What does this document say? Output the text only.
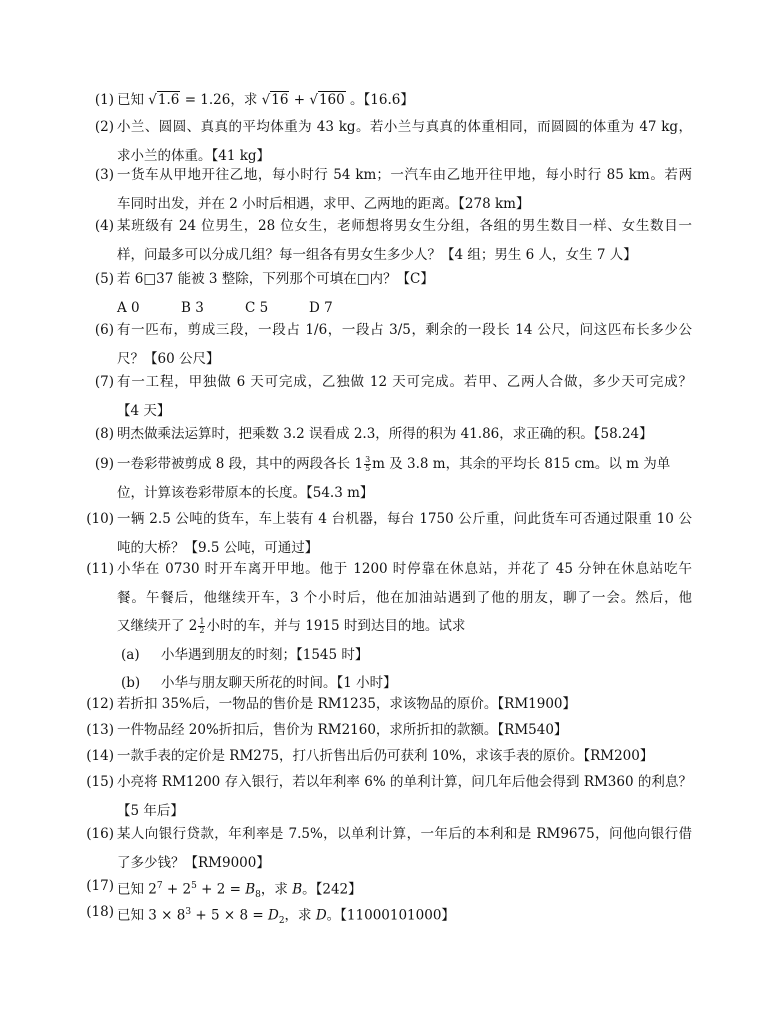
(1) 已知 √1.6 = 1.26，求 √16 + √160 。【16.6】
(2) 小兰、圆圆、真真的平均体重为 43 kg。若小兰与真真的体重相同，而圆圆的体重为 47 kg，
求小兰的体重。【41 kg】
(3) 一货车从甲地开往乙地，每小时行 54 km；一汽车由乙地开往甲地，每小时行 85 km。若两
车同时出发，并在 2 小时后相遇，求甲、乙两地的距离。【278 km】
(4) 某班级有 24 位男生，28 位女生，老师想将男女生分组，各组的男生数目一样、女生数目一
样，问最多可以分成几组？每一组各有男女生多少人？【4 组；男生 6 人，女生 7 人】
(5) 若 6□37 能被 3 整除，下列那个可填在□内？【C】
A 0	B 3	C 5	D 7
(6) 有一匹布，剪成三段，一段占 1/6，一段占 3/5，剩余的一段长 14 公尺，问这匹布长多少公
尺？【60 公尺】
(7) 有一工程，甲独做 6 天可完成，乙独做 12 天可完成。若甲、乙两人合做，多少天可完成？
【4 天】
(8) 明杰做乘法运算时，把乘数 3.2 误看成 2.3，所得的积为 41.86，求正确的积。【58.24】
(9) 一卷彩带被剪成 8 段，其中的两段各长 $1 \frac{3}{5}$ m 及 3.8 m，其余的平均长 815 cm。以 m 为单
位，计算该卷彩带原本的长度。【54.3 m】
(10) 一辆 2.5 公吨的货车，车上装有 4 台机器，每台 1750 公斤重，问此货车可否通过限重 10 公
吨的大桥？【9.5 公吨，可通过】
(11) 小华在 0730 时开车离开甲地。他于 1200 时停靠在休息站，并花了 45 分钟在休息站吃午
餐。午餐后，他继续开车，3 个小时后，他在加油站遇到了他的朋友，聊了一会。然后，他
又继续开了 $2 \frac{1}{2}$ 小时的车，并与 1915 时到达目的地。试求
(a) 小华遇到朋友的时刻；【1545 时】
(b) 小华与朋友聊天所花的时间。【1 小时】
(12) 若折扣 35%后，一物品的售价是 RM1235，求该物品的原价。【RM1900】
(13) 一件物品经 20%折扣后，售价为 RM2160，求所折扣的款额。【RM540】
(14) 一款手表的定价是 RM275，打八折售出后仍可获利 10%，求该手表的原价。【RM200】
(15) 小亮将 RM1200 存入银行，若以年利率 6% 的单利计算，问几年后他会得到 RM360 的利息？
【5 年后】
(16) 某人向银行贷款，年利率是 7.5%，以单利计算，一年后的本利和是 RM9675，问他向银行借
了多少钱？【RM9000】
(17) 已知 $2^7 + 2^5 + 2 = B_8$，求 B。【242】
(18) 已知 $3 \times 8^3 + 5 \times 8 = D_2$，求 D。【11000101000】
